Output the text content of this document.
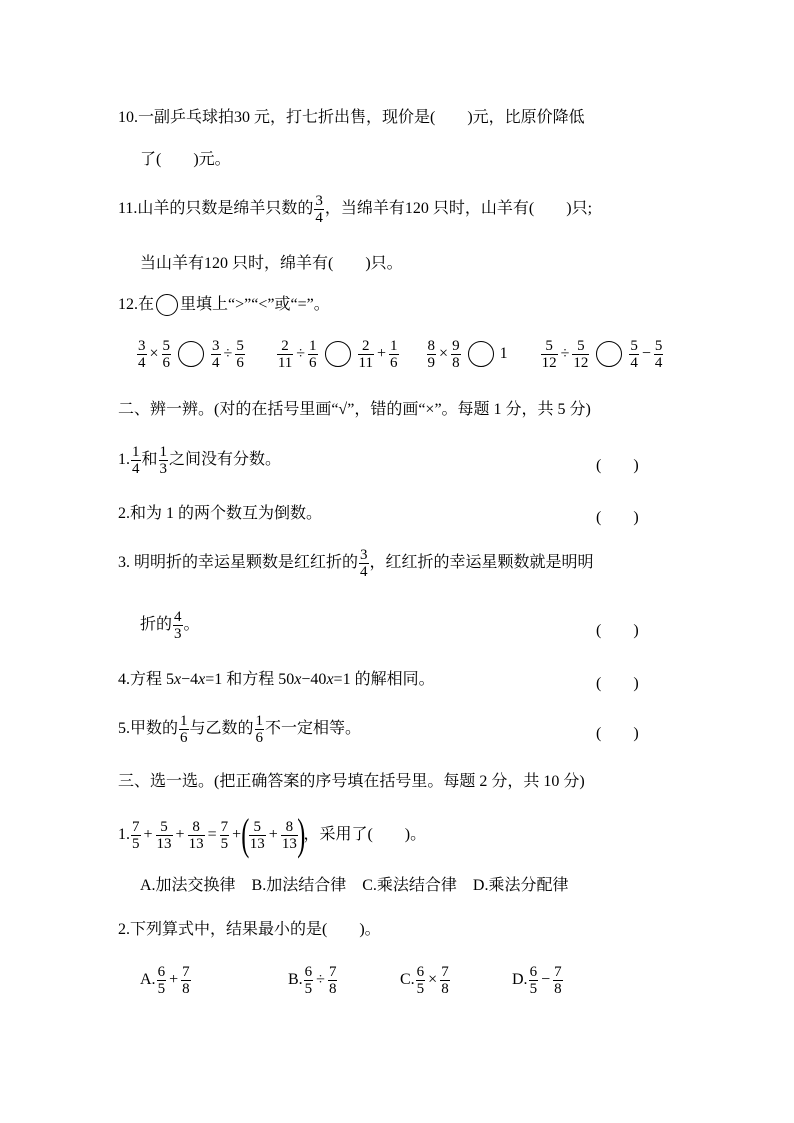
10.一副乒乓球拍30 元，打七折出售，现价是(　　)元，比原价降低
了(　　)元。
11.山羊的只数是绵羊只数的 $\frac{3}{4}$ ，当绵羊有120 只时，山羊有(　　)只;
当山羊有120 只时，绵羊有(　　)只。
12.在 里填上“>”“<”或“=”。
$\frac{3}{4} \times \frac{5}{6}$	$\frac{3}{4} \div \frac{5}{6}$
$\frac{2}{11} \div \frac{1}{6}$	$\frac{2}{11} + \frac{1}{6}$
$\frac{8}{9} \times \frac{9}{8} 1 \frac{5}{12} \div \frac{5}{12}$	$\frac{5}{4} - \frac{5}{4}$
二、辨一辨。(对的在括号里画“√”，错的画“×”。每题 1 分，共 5 分)
1. $\frac{1}{4}$ 和 $\frac{1}{3}$ 之间没有分数。	(　　)
2.和为 1 的两个数互为倒数。	(　　)
3. 明明折的幸运星颗数是红红折的 $\frac{3}{4}$ ，红红折的幸运星颗数就是明明
折的 $\frac{4}{3}$ 。	(　　)
4.方程 5x−4x=1 和方程 50x−40x=1 的解相同。	(　　)
5.甲数的 $\frac{1}{6}$ 与乙数的 $\frac{1}{6}$ 不一定相等。	(　　)
三、选一选。(把正确答案的序号填在括号里。每题 2 分，共 10 分)
1. $\frac{7}{5} + \frac{5}{13} + \frac{8}{13} = \frac{7}{5}$ +( $\frac{5}{13} + \frac{8}{13}$ )，采用了(　　)。
A.加法交换律　B.加法结合律　C.乘法结合律　D.乘法分配律
2.下列算式中，结果最小的是(　　)。
A. $\frac{6}{5} + \frac{7}{8}$	B. $\frac{6}{5} \div \frac{7}{8}$	C. $\frac{6}{5} \times \frac{7}{8}$	D. $\frac{6}{5} - \frac{7}{8}$
